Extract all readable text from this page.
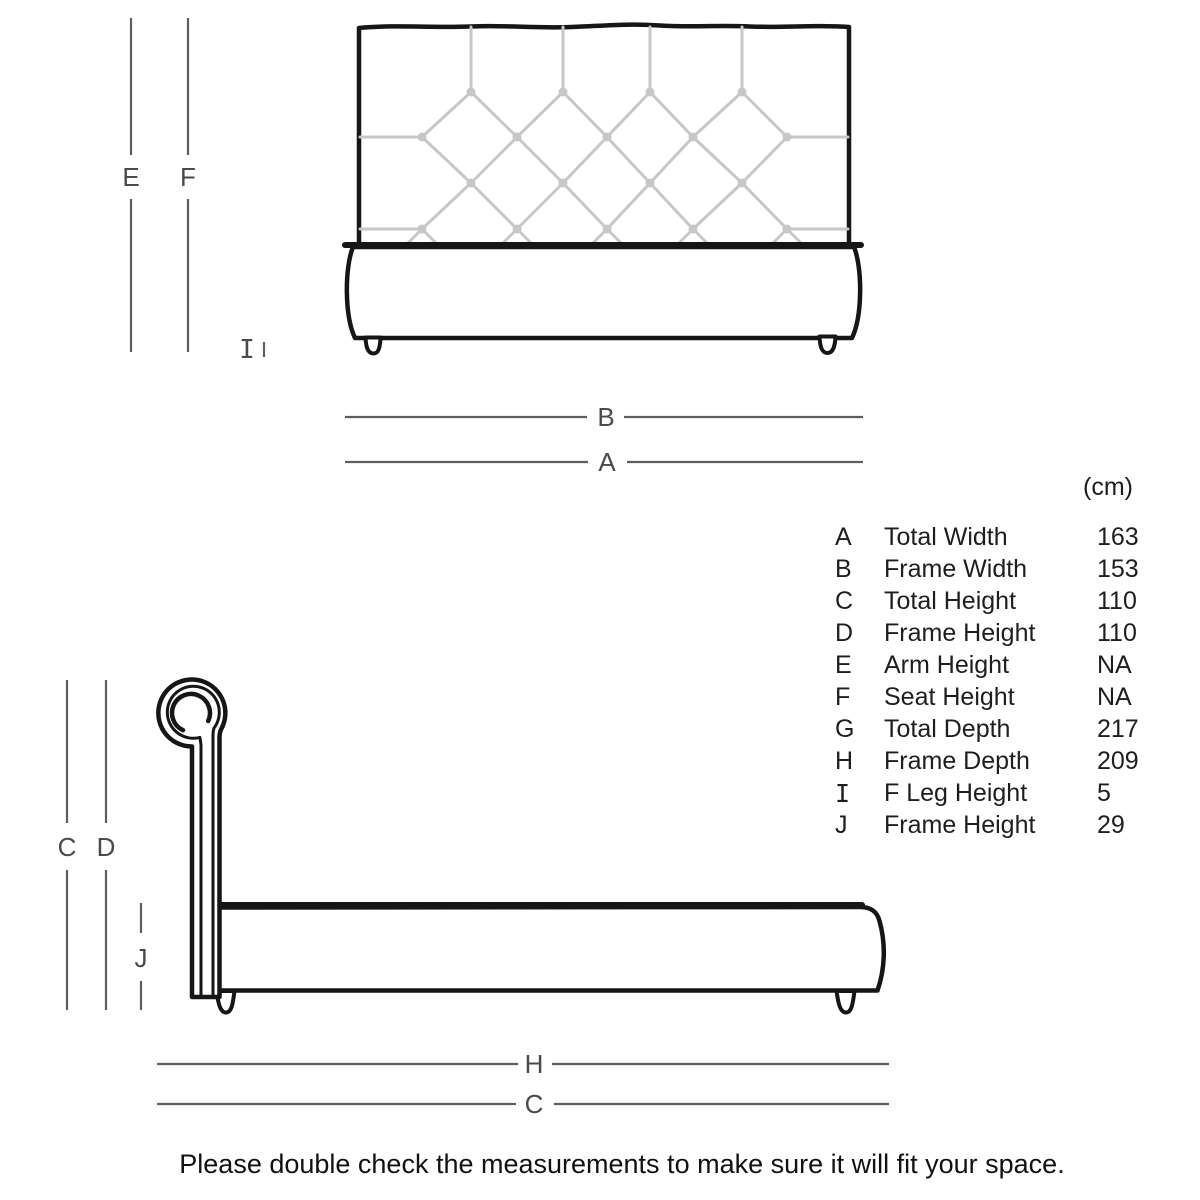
E F
I
B
A
C D
J
H
C
(cm)
A	Total Width	163
B	Frame Width	153
C	Total Height	110
D	Frame Height	110
E	Arm Height	NA
F	Seat Height	NA
G	Total Depth	217
H	Frame Depth	209
I	F Leg Height	5
J	Frame Height	29
Please double check the measurements to make sure it will fit your space.
